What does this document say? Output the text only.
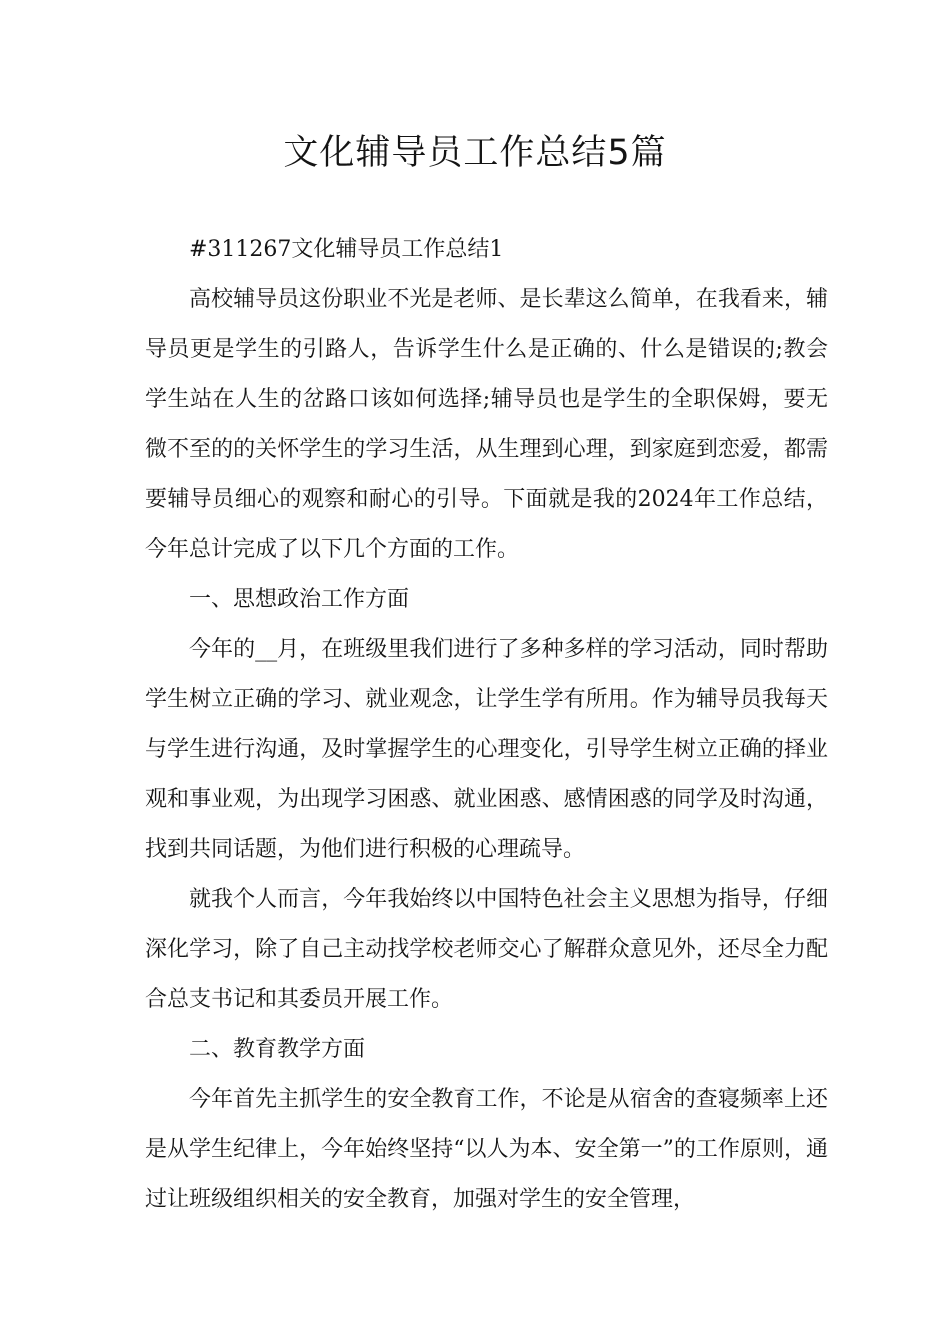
文化辅导员工作总结5篇

#311267文化辅导员工作总结1

高校辅导员这份职业不光是老师、是长辈这么简单，在我看来，辅导员更是学生的引路人，告诉学生什么是正确的、什么是错误的;教会学生站在人生的岔路口该如何选择;辅导员也是学生的全职保姆，要无微不至的的关怀学生的学习生活，从生理到心理，到家庭到恋爱，都需要辅导员细心的观察和耐心的引导。下面就是我的2024年工作总结，今年总计完成了以下几个方面的工作。

一、思想政治工作方面

今年的__月，在班级里我们进行了多种多样的学习活动，同时帮助学生树立正确的学习、就业观念，让学生学有所用。作为辅导员我每天与学生进行沟通，及时掌握学生的心理变化，引导学生树立正确的择业观和事业观，为出现学习困惑、就业困惑、感情困惑的同学及时沟通，找到共同话题，为他们进行积极的心理疏导。

就我个人而言，今年我始终以中国特色社会主义思想为指导，仔细深化学习，除了自己主动找学校老师交心了解群众意见外，还尽全力配合总支书记和其委员开展工作。

二、教育教学方面

今年首先主抓学生的安全教育工作，不论是从宿舍的查寝频率上还是从学生纪律上，今年始终坚持“以人为本、安全第一”的工作原则，通过让班级组织相关的安全教育，加强对学生的安全管理，
